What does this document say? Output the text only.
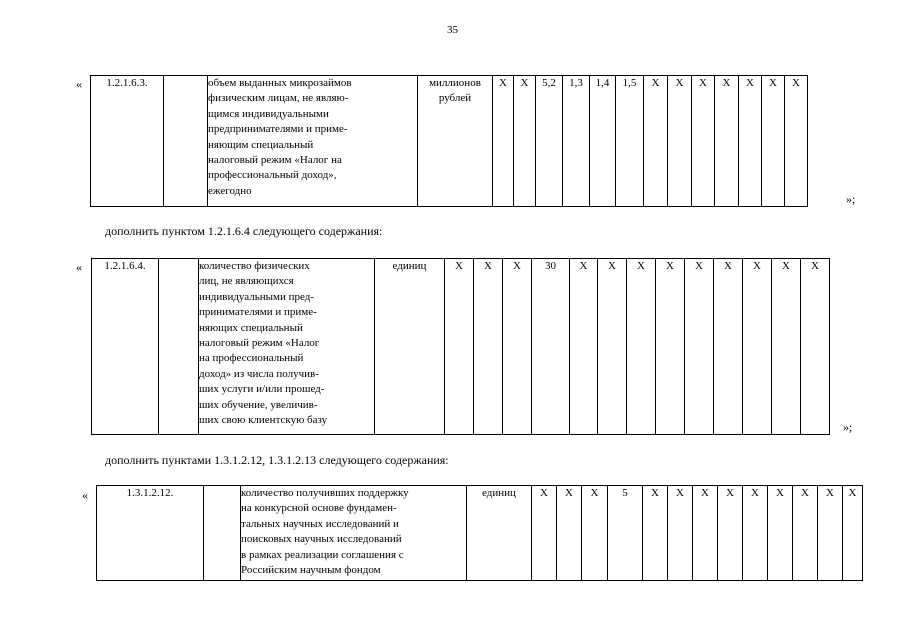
35
« 1.2.1.6.3.		объем выданных микрозаймов
физическим лицам, не являю-
щимся индивидуальными
предпринимателями и приме-
няющим специальный
налоговый режим «Налог на
профессиональный доход»,
ежегодно

миллионов
рублей
	Х	Х	5,2	1,3	1,4	1,5	Х	Х	Х	Х	Х	Х	Х
»;
дополнить пунктом 1.2.1.6.4 следующего содержания:
« 1.2.1.6.4.		количество физических
лиц, не являющихся
индивидуальными пред-
принимателями и приме-
няющих специальный
налоговый режим «Налог
на профессиональный
доход» из числа получив-
ших услуги и/или прошед-
ших обучение, увеличив-
ших свою клиентскую базу
	единиц	Х	Х	Х	30	Х	Х	Х	Х	Х	Х	Х	Х	Х
»;
дополнить пунктами 1.3.1.2.12, 1.3.1.2.13 следующего содержания:
«	1.3.1.2.12.		количество получивших поддержку
на конкурсной основе фундамен-
тальных научных исследований и
поисковых научных исследований
в рамках реализации соглашения с
Российским научным фондом
	единиц	Х	Х	Х	5	Х	Х	Х	Х	Х	Х	Х	Х	Х
